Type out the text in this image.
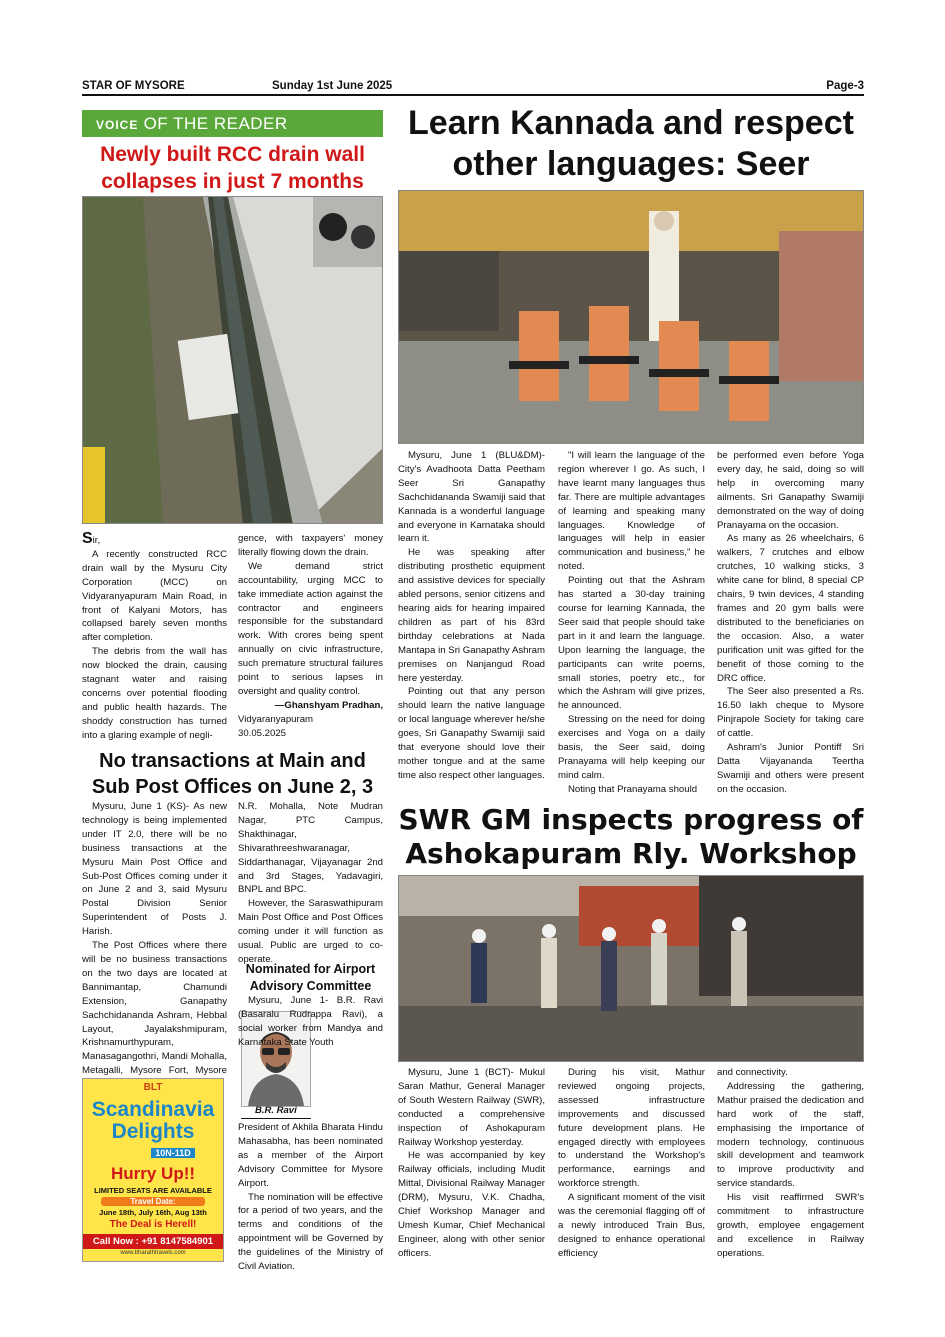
STAR OF MYSORE	Sunday 1st June 2025	Page-3
VOICE OF THE READER
Newly built RCC drain wall
collapses in just 7 months

Sir,

A recently constructed RCC drain wall by the Mysuru City Corporation (MCC) on Vidyaranyapuram Main Road, in front of Kalyani Motors, has collapsed barely seven months after completion.

The debris from the wall has now blocked the drain, causing stagnant water and raising concerns over potential flooding and public health hazards. The shoddy construction has turned into a glaring example of negli-

gence, with taxpayers' money literally flowing down the drain.

We demand strict accountability, urging MCC to take immediate action against the contractor and engineers responsible for the substandard work. With crores being spent annually on civic infrastructure, such premature structural failures point to serious lapses in oversight and quality control.

—Ghanshyam Pradhan,

Vidyaranyapuram

30.05.2025

No transactions at Main and
Sub Post Offices on June 2, 3

Mysuru, June 1 (KS)- As new technology is being implemented under IT 2.0, there will be no business transactions at the Mysuru Main Post Office and Sub-Post Offices coming under it on June 2 and 3, said Mysuru Postal Division Senior Superintendent of Posts J. Harish.

The Post Offices where there will be no business transactions on the two days are located at Bannimantap, Chamundi Extension, Ganapathy Sachchidananda Ashram, Hebbal Layout, Jayalakshmipuram, Krishnamurthypuram, Manasagangothri, Mandi Mohalla, Metagalli, Mysore Fort, Mysore

N.R. Mohalla, Note Mudran Nagar, PTC Campus, Shakthinagar, Shivarathreeshwaranagar, Siddarthanagar, Vijayanagar 2nd and 3rd Stages, Yadavagiri, BNPL and BPC.

However, the Saraswathipuram Main Post Office and Post Offices coming under it will function as usual. Public are urged to co-operate.

Nominated for Airport
Advisory Committee
B.R. Ravi

Mysuru, June 1- B.R. Ravi (Basaralu Rudrappa Ravi), a social worker from Mandya and Karnataka State Youth

President of Akhila Bharata Hindu Mahasabha, has been nominated as a member of the Airport Advisory Committee for Mysore Airport.

The nomination will be effective for a period of two years, and the terms and conditions of the appointment will be Governed by the guidelines of the Ministry of Civil Aviation.

BLT
Scandinavia
Delights
10N-11D
Hurry Up!!
LIMITED SEATS ARE AVAILABLE
Travel Date:
June 18th, July 16th, Aug 13th
The Deal is Herell!
Call Now : +91 8147584901
www.bharathtravels.com
Learn Kannada and respect
other languages: Seer

Mysuru, June 1 (BLU&DM)- City's Avadhoota Datta Peetham Seer Sri Ganapathy Sachchidananda Swamiji said that Kannada is a wonderful language and everyone in Karnataka should learn it.

He was speaking after distributing prosthetic equipment and assistive devices for specially abled persons, senior citizens and hearing aids for hearing impaired children as part of his 83rd birthday celebrations at Nada Mantapa in Sri Ganapathy Ashram premises on Nanjangud Road here yesterday.

Pointing out that any person should learn the native language or local language wherever he/she goes, Sri Ganapathy Swamiji said that everyone should love their mother tongue and at the same time also respect other languages.

"I will learn the language of the region wherever I go. As such, I have learnt many languages thus far. There are multiple advantages of learning and speaking many languages. Knowledge of languages will help in easier communication and business," he noted.

Pointing out that the Ashram has started a 30-day training course for learning Kannada, the Seer said that people should take part in it and learn the language. Upon learning the language, the participants can write poems, small stories, poetry etc., for which the Ashram will give prizes, he announced.

Stressing on the need for doing exercises and Yoga on a daily basis, the Seer said, doing Pranayama will help keeping our mind calm.

Noting that Pranayama should

be performed even before Yoga every day, he said, doing so will help in overcoming many ailments. Sri Ganapathy Swamiji demonstrated on the way of doing Pranayama on the occasion.

As many as 26 wheelchairs, 6 walkers, 7 crutches and elbow crutches, 10 walking sticks, 3 white cane for blind, 8 special CP chairs, 9 twin devices, 4 standing frames and 20 gym balls were distributed to the beneficiaries on the occasion. Also, a water purification unit was gifted for the benefit of those coming to the DRC office.

The Seer also presented a Rs. 16.50 lakh cheque to Mysore Pinjrapole Society for taking care of cattle.

Ashram's Junior Pontiff Sri Datta Vijayananda Teertha Swamiji and others were present on the occasion.

SWR GM inspects progress of
Ashokapuram Rly. Workshop

Mysuru, June 1 (BCT)- Mukul Saran Mathur, General Manager of South Western Railway (SWR), conducted a comprehensive inspection of Ashokapuram Railway Workshop yesterday.

He was accompanied by key Railway officials, including Mudit Mittal, Divisional Railway Manager (DRM), Mysuru, V.K. Chadha, Chief Workshop Manager and Umesh Kumar, Chief Mechanical Engineer, along with other senior officers.

During his visit, Mathur reviewed ongoing projects, assessed infrastructure improvements and discussed future development plans. He engaged directly with employees to understand the Workshop's performance, earnings and workforce strength.

A significant moment of the visit was the ceremonial flagging off of a newly introduced Train Bus, designed to enhance operational efficiency

and connectivity.

Addressing the gathering, Mathur praised the dedication and hard work of the staff, emphasising the importance of modern technology, continuous skill development and teamwork to improve productivity and service standards.

His visit reaffirmed SWR's commitment to infrastructure growth, employee engagement and excellence in Railway operations.
